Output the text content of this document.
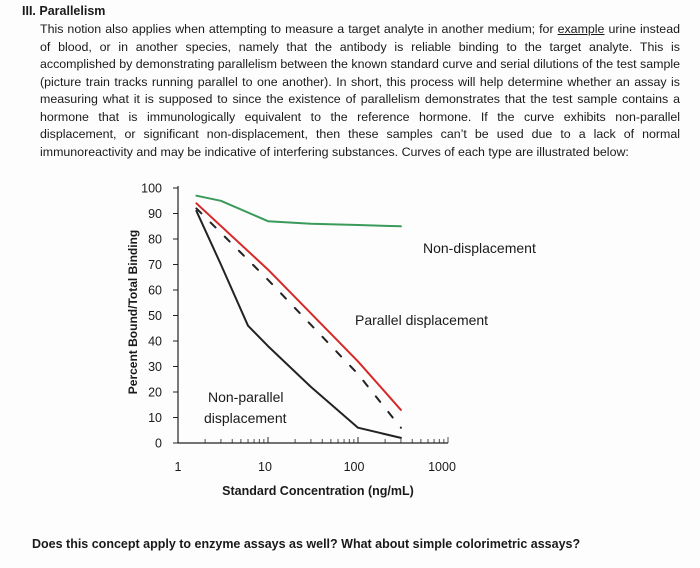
III. Parallelism
This notion also applies when attempting to measure a target analyte in another medium; for example urine instead of blood, or in another species, namely that the antibody is reliable binding to the target analyte. This is accomplished by demonstrating parallelism between the known standard curve and serial dilutions of the test sample (picture train tracks running parallel to one another). In short, this process will help determine whether an assay is measuring what it is supposed to since the existence of parallelism demonstrates that the test sample contains a hormone that is immunologically equivalent to the reference hormone. If the curve exhibits non-parallel displacement, or significant non-displacement, then these samples can’t be used due to a lack of normal immunoreactivity and may be indicative of interfering substances. Curves of each type are illustrated below:
0
10
20
30
40
50
60
70
80
90
100
1	10	100	1000
Standard Concentration (ng/mL)
Percent Bound/Total Binding	Non-displacement
Parallel displacement
Non-parallel
displacement
Does this concept apply to enzyme assays as well? What about simple colorimetric assays?
